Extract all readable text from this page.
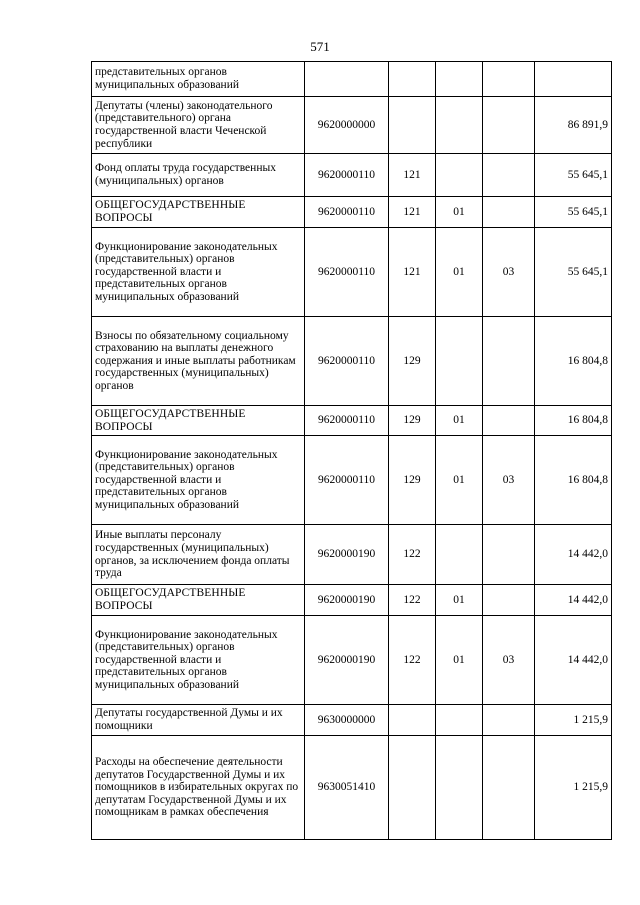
571
представительных органов муниципальных образований					
Депутаты (члены) законодательного (представительного) органа государственной власти Чеченской республики	9620000000				86 891,9
Фонд оплаты труда государственных (муниципальных) органов	9620000110	121			55 645,1
ОБЩЕГОСУДАРСТВЕННЫЕ ВОПРОСЫ	9620000110	121	01		55 645,1
Функционирование законодательных (представительных) органов государственной власти и представительных органов муниципальных образований	9620000110	121	01	03	55 645,1
Взносы по обязательному социальному страхованию на выплаты денежного содержания и иные выплаты работникам государственных (муниципальных) органов	9620000110	129			16 804,8
ОБЩЕГОСУДАРСТВЕННЫЕ ВОПРОСЫ	9620000110	129	01		16 804,8
Функционирование законодательных (представительных) органов государственной власти и представительных органов муниципальных образований	9620000110	129	01	03	16 804,8
Иные выплаты персоналу государственных (муниципальных) органов, за исключением фонда оплаты труда	9620000190	122			14 442,0
ОБЩЕГОСУДАРСТВЕННЫЕ ВОПРОСЫ	9620000190	122	01		14 442,0
Функционирование законодательных (представительных) органов государственной власти и представительных органов муниципальных образований	9620000190	122	01	03	14 442,0
Депутаты государственной Думы и их помощники	9630000000				1 215,9
Расходы на обеспечение деятельности депутатов Государственной Думы и их помощников в избирательных округах по депутатам Государственной Думы и их помощникам в рамках обеспечения	9630051410				1 215,9
